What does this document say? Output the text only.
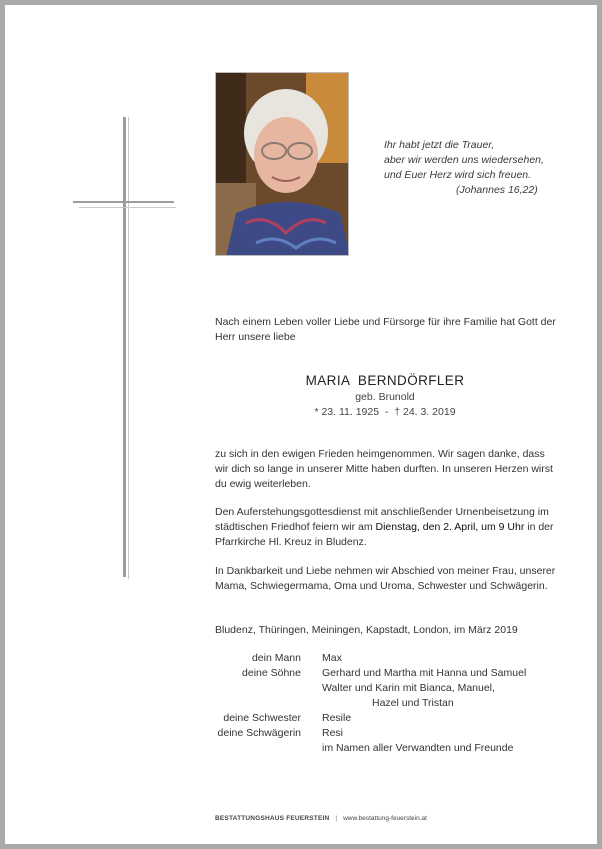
Ihr habt jetzt die Trauer,
aber wir werden uns wiedersehen,
und Euer Herz wird sich freuen.
(Johannes 16,22)
Nach einem Leben voller Liebe und Fürsorge für ihre Familie hat Gott der Herr unsere liebe
MARIA  BERNDÖRFLER
geb. Brunold
* 23. 11. 1925  -  † 24. 3. 2019
zu sich in den ewigen Frieden heimgenommen. Wir sagen danke, dass wir dich so lange in unserer Mitte haben durften. In unseren Herzen wirst du ewig weiterleben.
Den Auferstehungsgottesdienst mit anschließender Urnenbeisetzung im städtischen Friedhof feiern wir am Dienstag, den 2. April, um 9 Uhr in der Pfarrkirche Hl. Kreuz in Bludenz.
In Dankbarkeit und Liebe nehmen wir Abschied von meiner Frau, unserer Mama, Schwiegermama, Oma und Uroma, Schwester und Schwägerin.
Bludenz, Thüringen, Meiningen, Kapstadt, London, im März 2019
dein Mann Max
deine Söhne Gerhard und Martha mit Hanna und Samuel
Walter und Karin mit Bianca, Manuel,
Hazel und Tristan
deine Schwester Resile
deine Schwägerin Resi
im Namen aller Verwandten und Freunde
BESTATTUNGSHAUS FEUERSTEIN | www.bestattung-feuerstein.at
